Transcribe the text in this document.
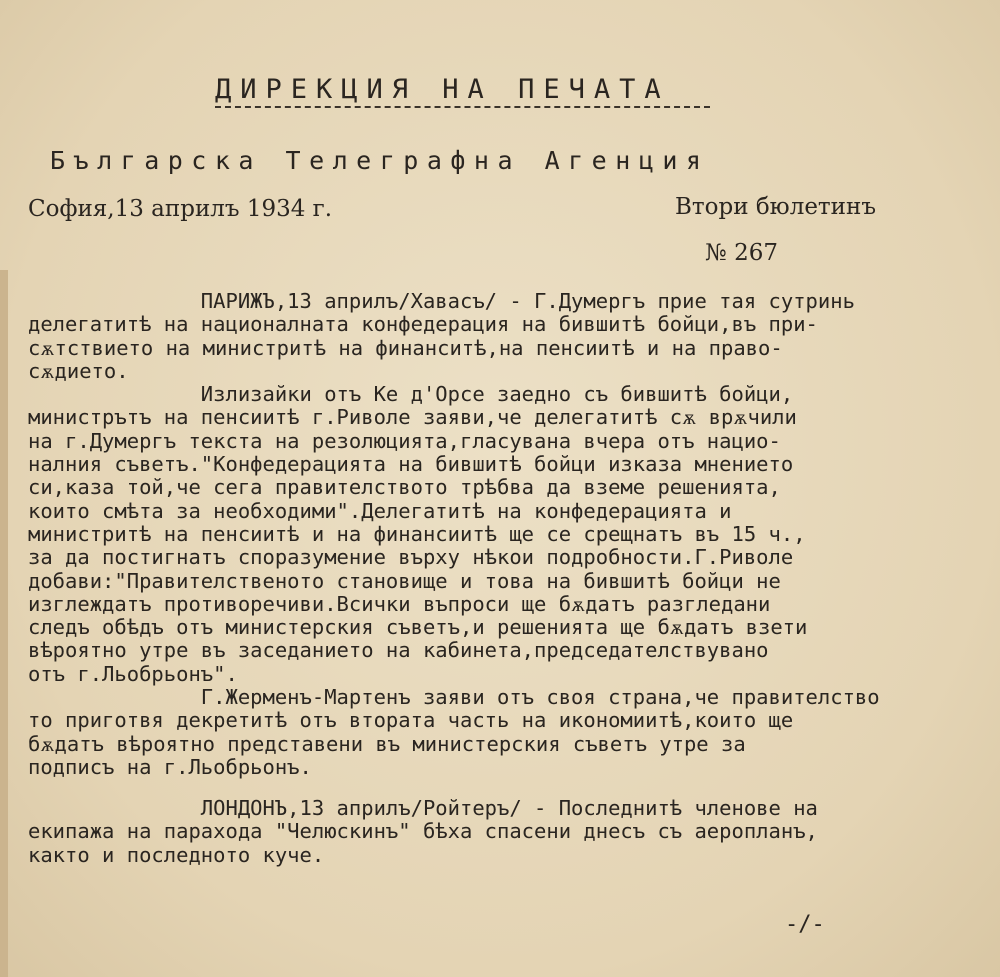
ДИРЕКЦИЯ НА ПЕЧАТА
Българска Телеграфна Агенция
София,13 априлъ 1934 г.	Втори бюлетинъ
№ 267
ПАРИЖЪ,13 априлъ/Хавасъ/ - Г.Думергъ прие тая сутринь
делегатитѣ на националната конфедерация на бившитѣ бойци,въ при-
сѫтствието на министритѣ на финанситѣ,на пенсиитѣ и на право-
сѫдието.
Излизайки отъ Ке д'Орсе заедно съ бившитѣ бойци,
министрътъ на пенсиитѣ г.Риволе заяви,че делегатитѣ сѫ врѫчили
на г.Думергъ текста на резолюцията,гласувана вчера отъ нацио-
налния съветъ."Конфедерацията на бившитѣ бойци изказа мнението
си,каза той,че сега правителството трѣбва да вземе решенията,
които смѣта за необходими".Делегатитѣ на конфедерацията и
министритѣ на пенсиитѣ и на финансиитѣ ще се срещнатъ въ 15 ч.,
за да постигнатъ споразумение върху нѣкои подробности.Г.Риволе
добави:"Правителственото становище и това на бившитѣ бойци не
изглеждатъ противоречиви.Всички въпроси ще бѫдатъ разгледани
следъ обѣдъ отъ министерския съветъ,и решенията ще бѫдатъ взети
вѣроятно утре въ заседанието на кабинета,председателствувано
отъ г.Льобрьонъ".
Г.Жерменъ-Мартенъ заяви отъ своя страна,че правителство
то приготвя декретитѣ отъ втората часть на икономиитѣ,които ще
бѫдатъ вѣроятно представени въ министерския съветъ утре за
подписъ на г.Льобрьонъ.
ЛОНДОНЪ,13 априлъ/Ройтеръ/ - Последнитѣ членове на
екипажа на парахода "Челюскинъ" бѣха спасени днесъ съ аеропланъ,
както и последното куче.
-/-
